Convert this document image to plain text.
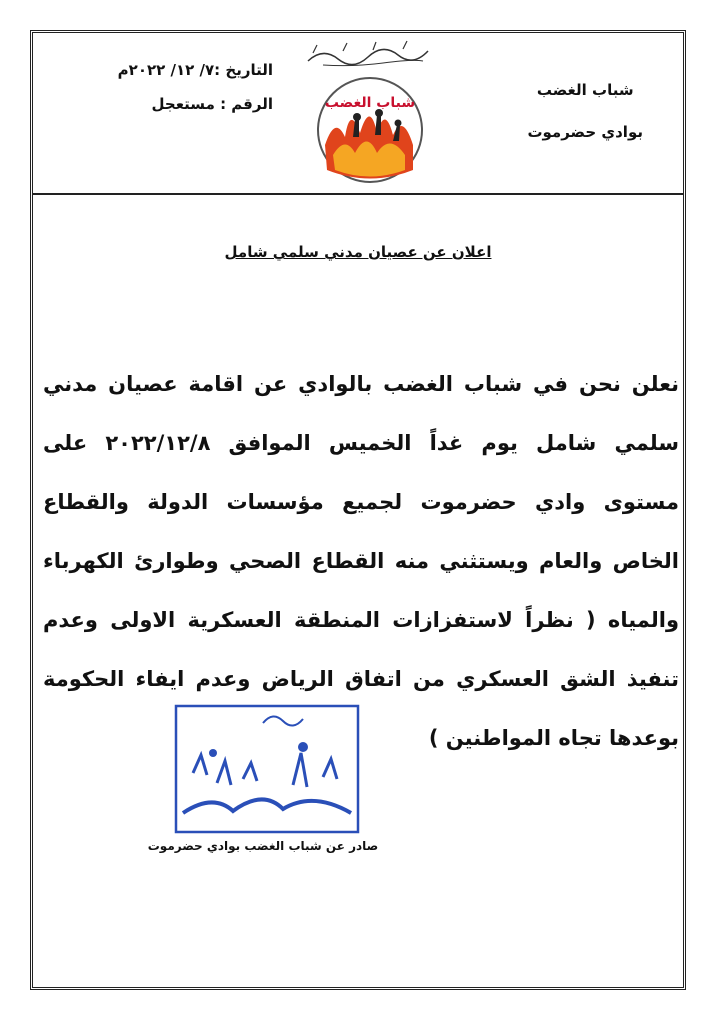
شباب الغضب
بوادي حضرموت
شباب الغضب
التاريخ :٧/ ١٢/ ٢٠٢٢م
الرقم : مستعجل
اعلان عن عصيان مدني سلمي شامل

نعلن نحن في شباب الغضب بالوادي عن اقامة عصيان مدني سلمي شامل يوم غداً الخميس الموافق ٢٠٢٢/١٢/٨ على مستوى وادي حضرموت لجميع مؤسسات الدولة والقطاع الخاص والعام ويستثني منه القطاع الصحي وطوارئ الكهرباء والمياه ( نظراً لاستفزازات المنطقة العسكرية الاولى وعدم تنفيذ الشق العسكري من اتفاق الرياض وعدم ايفاء الحكومة بوعدها تجاه المواطنين )

صادر عن شباب الغضب بوادي حضرموت
